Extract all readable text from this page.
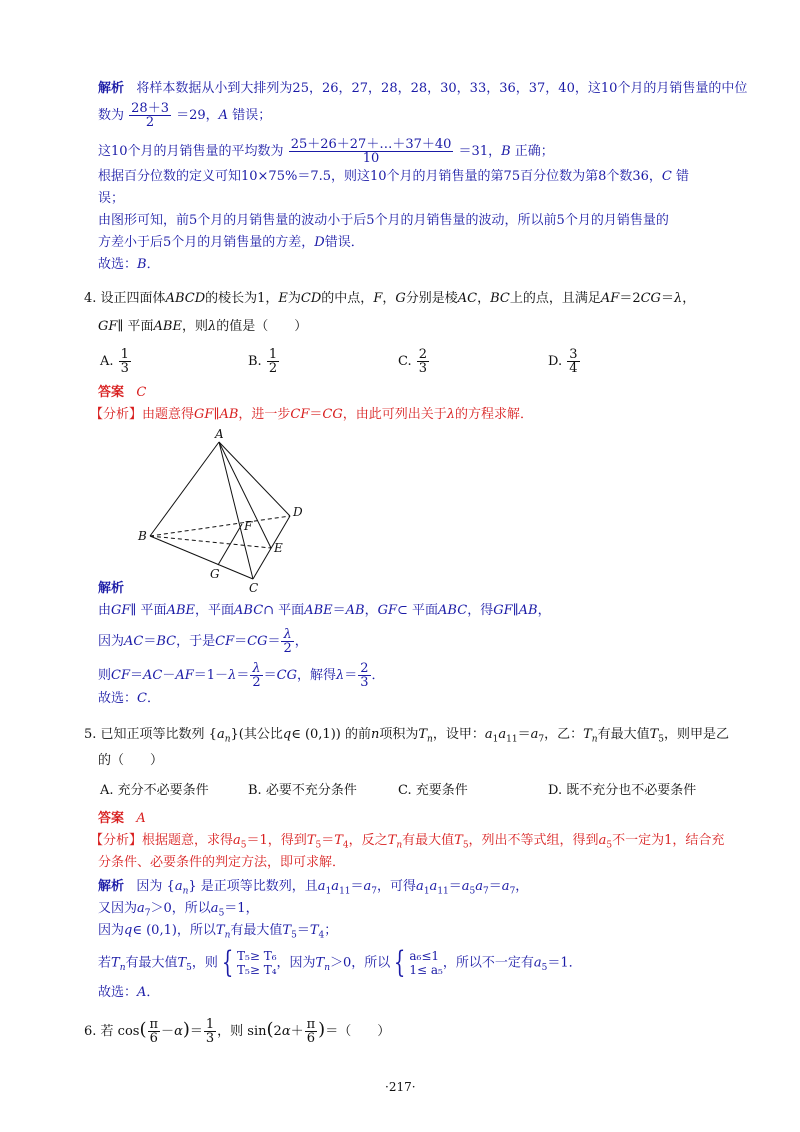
解析 将样本数据从小到大排列为25，26，27，28，28，30，33，36，37，40，这10个月的月销售量的中位
数为 $\frac{28+3}{2} =29$，A 错误；
这10个月的月销售量的平均数为 $\frac{25+26+27+\dots+37+40}{10} =31$，B 正确；
根据百分位数的定义可知10×75%＝7.5，则这10个月的月销售量的第75百分位数为第8个数36，C 错
误；
由图形可知，前5个月的月销售量的波动小于后5个月的月销售量的波动，所以前5个月的月销售量的
方差小于后5个月的月销售量的方差，D错误．
故选：B．
4. 设正四面体ABCD的棱长为1，E为CD的中点，F，G分别是棱AC，BC上的点，且满足AF＝2CG＝λ，
GF∥ 平面ABE，则λ的值是（　　）
A. $\frac{1}{3}$	B. $\frac{1}{2}$	C. $\frac{2}{3}$	D. $\frac{3}{4}$
答案 C
【分析】由题意得GF∥AB，进一步CF＝CG，由此可列出关于λ的方程求解．
A
B
C
D
E
F
G
解析
由GF∥ 平面ABE，平面ABC∩ 平面ABE＝AB，GF⊂ 平面ABC，得GF∥AB，
因为AC＝BC，于是$CF=CG= \frac{\lambda}{2}$ ，
则$CF=AC-AF=1-\lambda= \frac{\lambda}{2} =CG$，解得$\lambda= \frac{2}{3}$ ．
故选：C．
5. 已知正项等比数列 $\{a_n\}$(其公比q∈ (0,1)) 的前n项积为$T_n$，设甲：$a_1a_{11}=a_7$，乙：$T_n$有最大值$T_5$，则甲是乙
的（　　）
A. 充分不必要条件	B. 必要不充分条件	C. 充要条件	D. 既不充分也不必要条件
答案 A
【分析】根据题意，求得$a_5=1$，得到$T_5=T_4$，反之$T_n$有最大值$T_5$，列出不等式组，得到$a_5$不一定为1，结合充
分条件、必要条件的判定方法，即可求解．
解析 因为 $\{a_n\}$ 是正项等比数列，且$a_1a_{11}=a_7$，可得$a_1a_{11}=a_5a_7=a_7$，
又因为$a_7>0$，所以$a_5=1$，
因为q∈ (0,1)，所以$T_n$有最大值$T_5=T_4$；
若$T_n$有最大值$T_5$，则 { T₅≥ T₆
T₅≥ T₄ ，因为$T_n>0$，所以 { a₆≤1
1≤ a₅ ，所以不一定有$a_5=1$．
故选：A．
6. 若 $\cos( \frac{\pi}{6} -\alpha)= \frac{1}{3}$ ，则 $\sin(2\alpha+ \frac{\pi}{6}$ )＝（　　）
·217·
